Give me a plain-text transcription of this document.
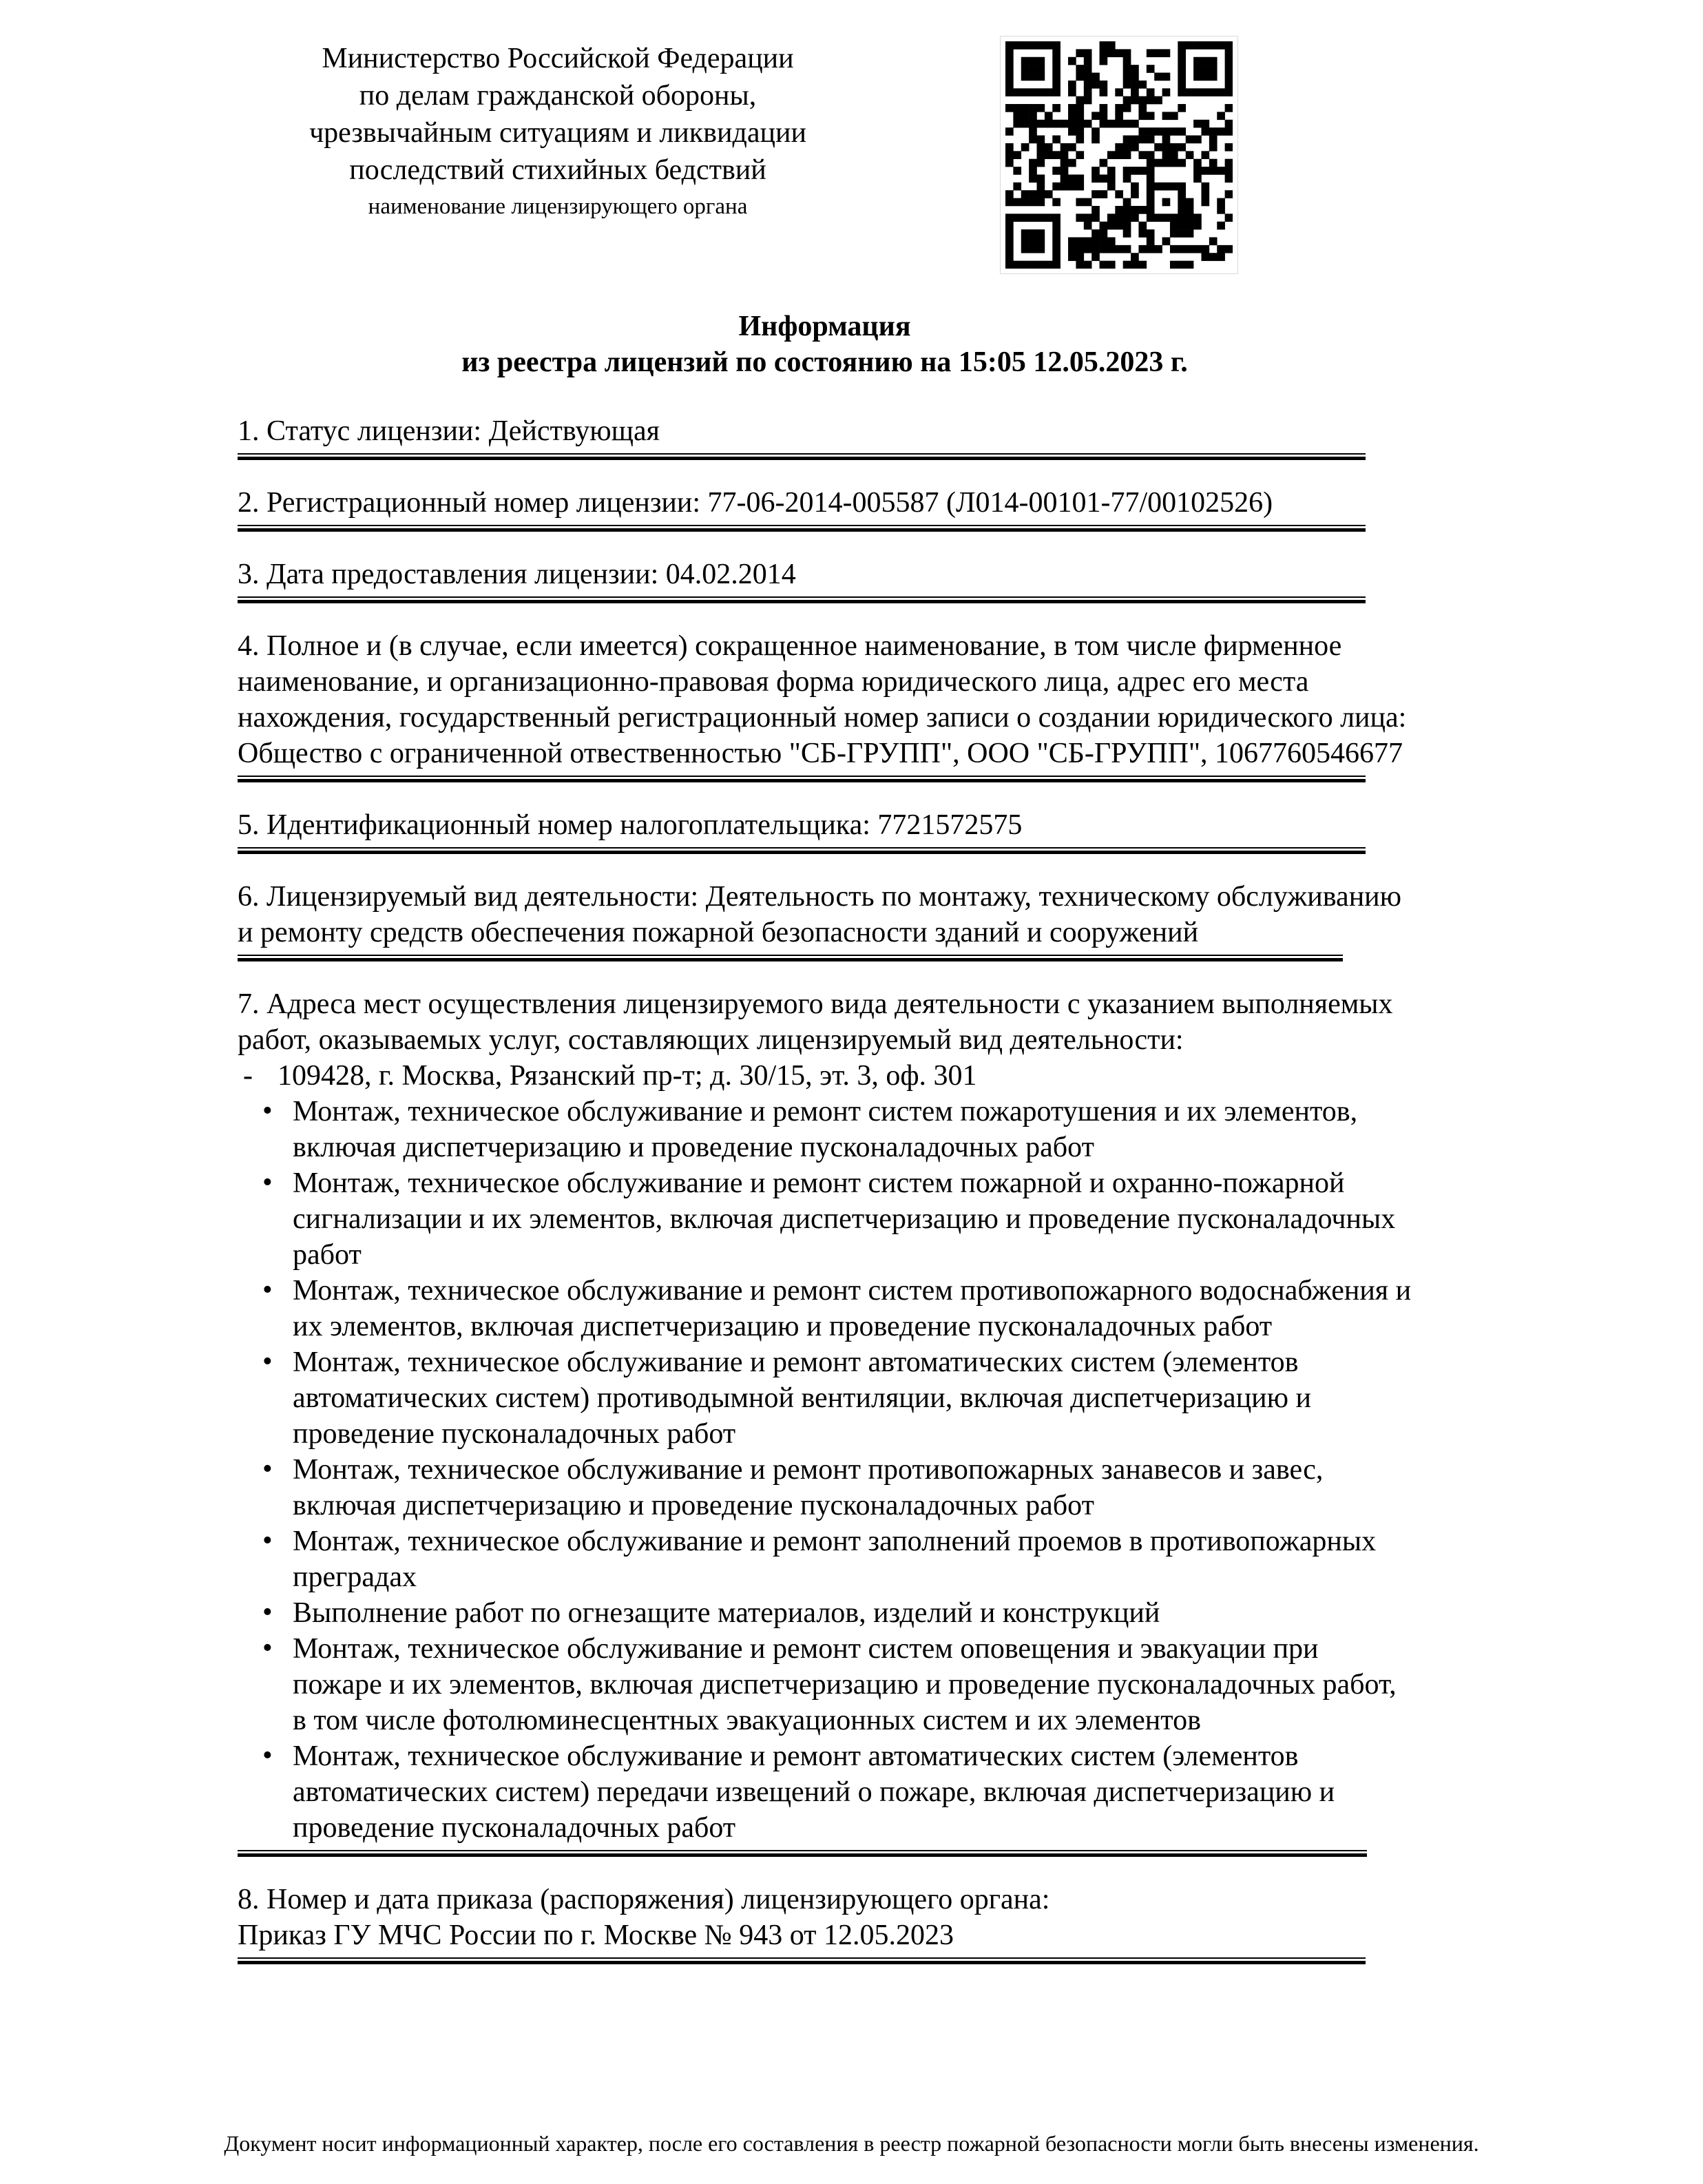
Министерство Российской Федерации
по делам гражданской обороны,
чрезвычайным ситуациям и ликвидации
последствий стихийных бедствий
наименование лицензирующего органа
Информация
из реестра лицензий по состоянию на 15:05 12.05.2023 г.
1. Статус лицензии: Действующая
2. Регистрационный номер лицензии: 77-06-2014-005587 (Л014-00101-77/00102526)
3. Дата предоставления лицензии: 04.02.2014
4. Полное и (в случае, если имеется) сокращенное наименование, в том числе фирменное наименование, и организационно-правовая форма юридического лица, адрес его места нахождения, государственный регистрационный номер записи о создании юридического лица: Общество с ограниченной отвественностью "СБ-ГРУПП", ООО "СБ-ГРУПП", 1067760546677
5. Идентификационный номер налогоплательщика: 7721572575
6. Лицензируемый вид деятельности: Деятельность по монтажу, техническому обслуживанию и ремонту средств обеспечения пожарной безопасности зданий и сооружений
7. Адреса мест осуществления лицензируемого вида деятельности с указанием выполняемых работ, оказываемых услуг, составляющих лицензируемый вид деятельности:
- 109428, г. Москва, Рязанский пр-т; д. 30/15, эт. 3, оф. 301
• Монтаж, техническое обслуживание и ремонт систем пожаротушения и их элементов, включая диспетчеризацию и проведение пусконаладочных работ
• Монтаж, техническое обслуживание и ремонт систем пожарной и охранно-пожарной сигнализации и их элементов, включая диспетчеризацию и проведение пусконаладочных работ
• Монтаж, техническое обслуживание и ремонт систем противопожарного водоснабжения и их элементов, включая диспетчеризацию и проведение пусконаладочных работ
• Монтаж, техническое обслуживание и ремонт автоматических систем (элементов автоматических систем) противодымной вентиляции, включая диспетчеризацию и проведение пусконаладочных работ
• Монтаж, техническое обслуживание и ремонт противопожарных занавесов и завес, включая диспетчеризацию и проведение пусконаладочных работ
• Монтаж, техническое обслуживание и ремонт заполнений проемов в противопожарных преградах
• Выполнение работ по огнезащите материалов, изделий и конструкций
• Монтаж, техническое обслуживание и ремонт систем оповещения и эвакуации при пожаре и их элементов, включая диспетчеризацию и проведение пусконаладочных работ, в том числе фотолюминесцентных эвакуационных систем и их элементов
• Монтаж, техническое обслуживание и ремонт автоматических систем (элементов автоматических систем) передачи извещений о пожаре, включая диспетчеризацию и проведение пусконаладочных работ
8. Номер и дата приказа (распоряжения) лицензирующего органа:
Приказ ГУ МЧС России по г. Москве № 943 от 12.05.2023
Документ носит информационный характер, после его составления в реестр пожарной безопасности могли быть внесены изменения.
